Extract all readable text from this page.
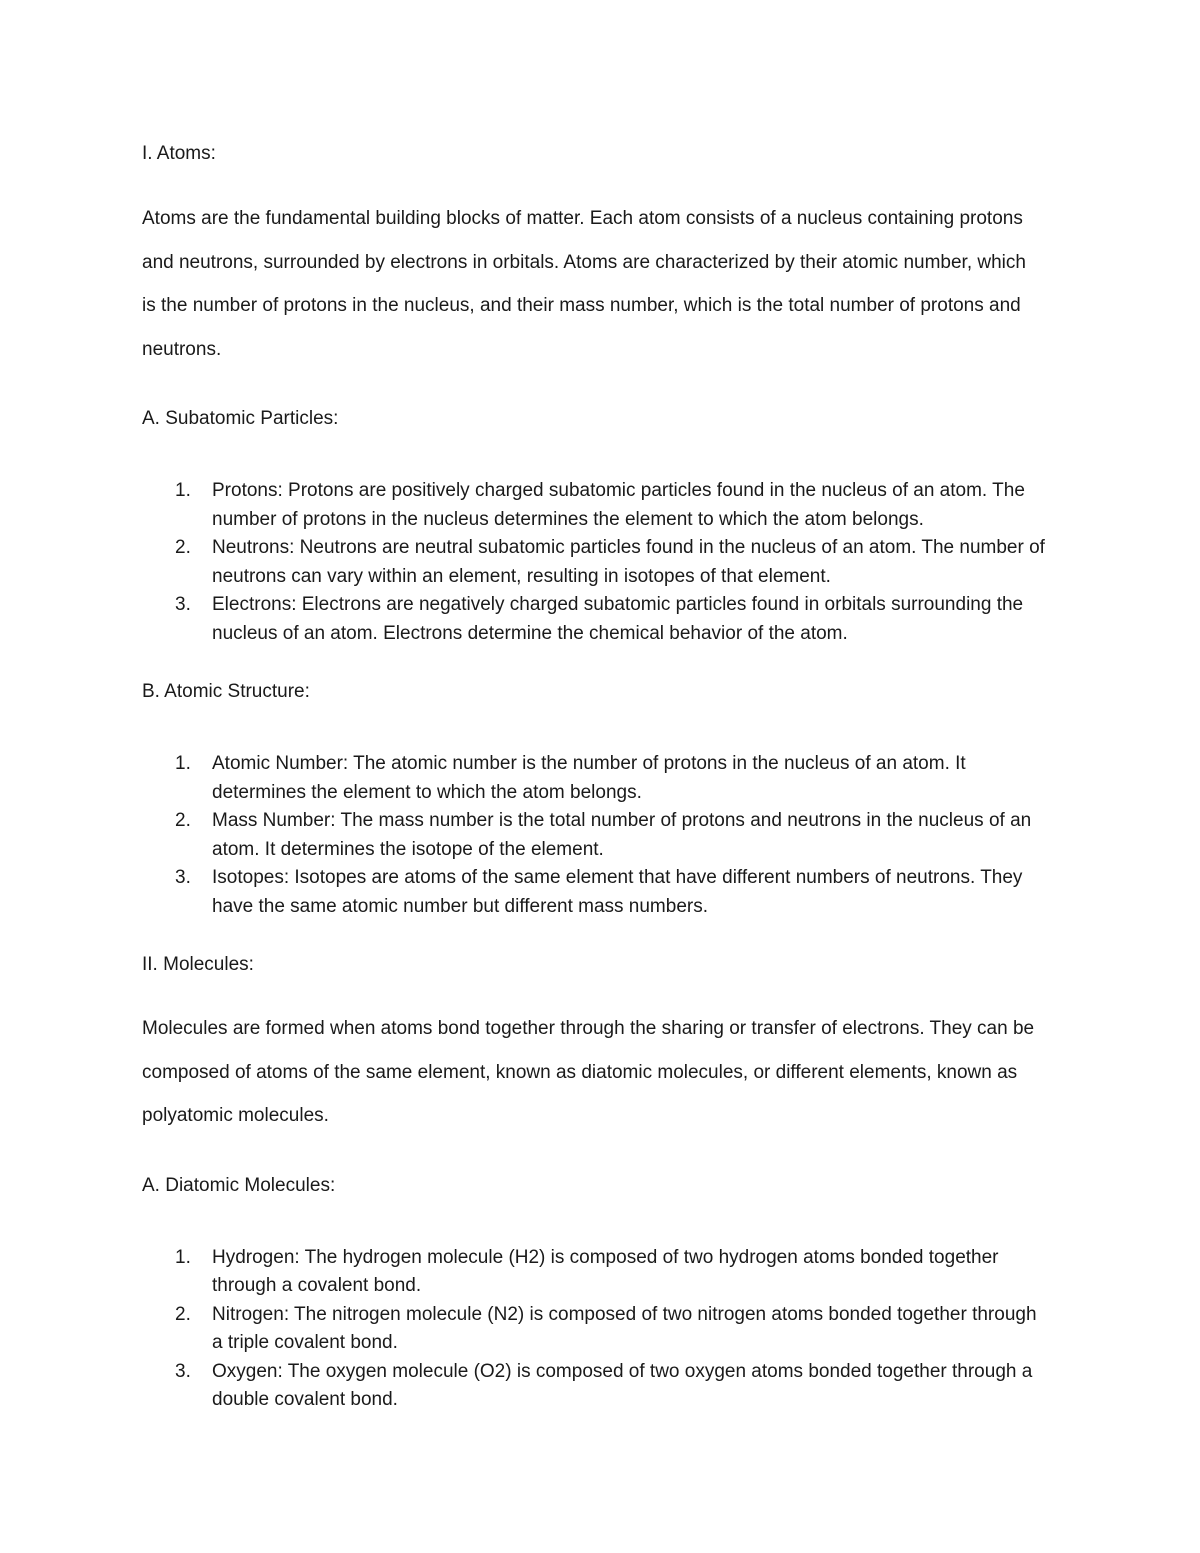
I. Atoms:

Atoms are the fundamental building blocks of matter. Each atom consists of a nucleus containing protons and neutrons, surrounded by electrons in orbitals. Atoms are characterized by their atomic number, which is the number of protons in the nucleus, and their mass number, which is the total number of protons and neutrons.

A. Subatomic Particles:
1. Protons: Protons are positively charged subatomic particles found in the nucleus of an atom. The number of protons in the nucleus determines the element to which the atom belongs.
2. Neutrons: Neutrons are neutral subatomic particles found in the nucleus of an atom. The number of neutrons can vary within an element, resulting in isotopes of that element.
3. Electrons: Electrons are negatively charged subatomic particles found in orbitals surrounding the nucleus of an atom. Electrons determine the chemical behavior of the atom.
B. Atomic Structure:
1. Atomic Number: The atomic number is the number of protons in the nucleus of an atom. It determines the element to which the atom belongs.
2. Mass Number: The mass number is the total number of protons and neutrons in the nucleus of an atom. It determines the isotope of the element.
3. Isotopes: Isotopes are atoms of the same element that have different numbers of neutrons. They have the same atomic number but different mass numbers.
II. Molecules:

Molecules are formed when atoms bond together through the sharing or transfer of electrons. They can be composed of atoms of the same element, known as diatomic molecules, or different elements, known as polyatomic molecules.

A. Diatomic Molecules:
1. Hydrogen: The hydrogen molecule (H2) is composed of two hydrogen atoms bonded together through a covalent bond.
2. Nitrogen: The nitrogen molecule (N2) is composed of two nitrogen atoms bonded together through a triple covalent bond.
3. Oxygen: The oxygen molecule (O2) is composed of two oxygen atoms bonded together through a double covalent bond.
